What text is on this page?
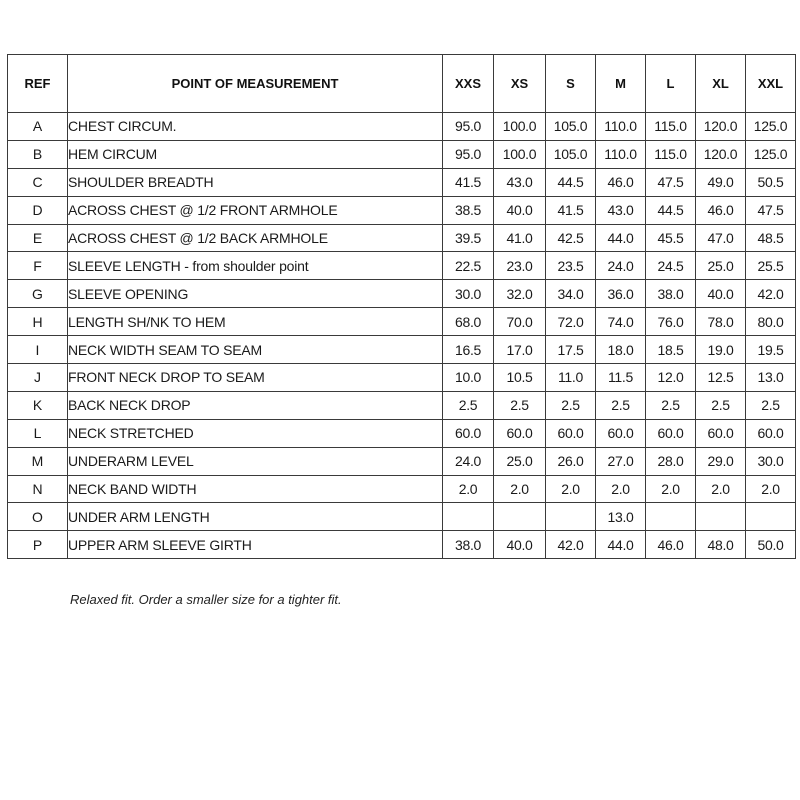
REF	POINT OF MEASUREMENT	XXS	XS	S	M	L	XL	XXL
A	CHEST CIRCUM.	95.0	100.0	105.0	110.0	115.0	120.0	125.0
B	HEM CIRCUM	95.0	100.0	105.0	110.0	115.0	120.0	125.0
C	SHOULDER BREADTH	41.5	43.0	44.5	46.0	47.5	49.0	50.5
D	ACROSS CHEST @ 1/2 FRONT ARMHOLE	38.5	40.0	41.5	43.0	44.5	46.0	47.5
E	ACROSS CHEST @ 1/2 BACK ARMHOLE	39.5	41.0	42.5	44.0	45.5	47.0	48.5
F	SLEEVE LENGTH - from shoulder point	22.5	23.0	23.5	24.0	24.5	25.0	25.5
G	SLEEVE OPENING	30.0	32.0	34.0	36.0	38.0	40.0	42.0
H	LENGTH SH/NK TO HEM	68.0	70.0	72.0	74.0	76.0	78.0	80.0
I	NECK WIDTH SEAM TO SEAM	16.5	17.0	17.5	18.0	18.5	19.0	19.5
J	FRONT NECK DROP TO SEAM	10.0	10.5	11.0	11.5	12.0	12.5	13.0
K	BACK NECK DROP	2.5	2.5	2.5	2.5	2.5	2.5	2.5
L	NECK STRETCHED	60.0	60.0	60.0	60.0	60.0	60.0	60.0
M	UNDERARM LEVEL	24.0	25.0	26.0	27.0	28.0	29.0	30.0
N	NECK BAND WIDTH	2.0	2.0	2.0	2.0	2.0	2.0	2.0
O	UNDER ARM LENGTH				13.0			
P	UPPER ARM SLEEVE GIRTH	38.0	40.0	42.0	44.0	46.0	48.0	50.0
Relaxed fit. Order a smaller size for a tighter fit.
